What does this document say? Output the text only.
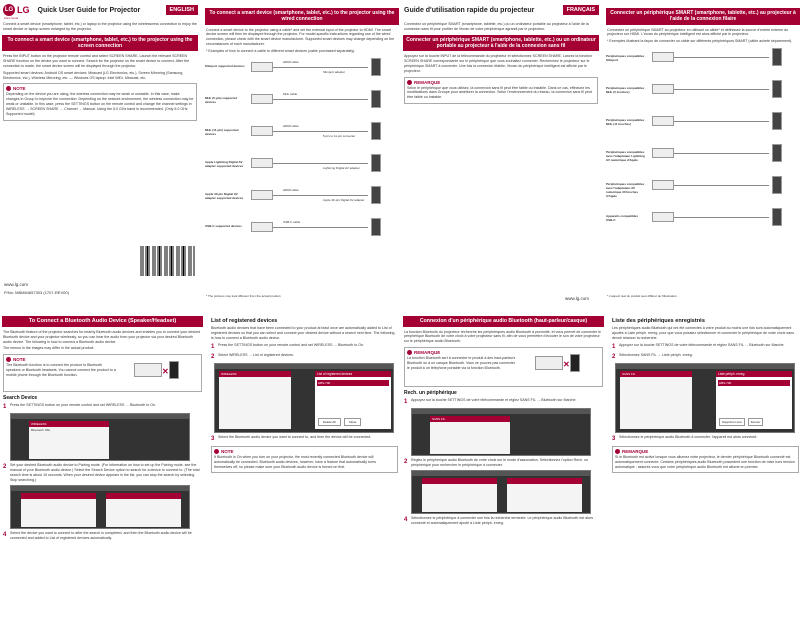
LG LG Quick User Guide for Projector	ENGLISH
Life's Good
Connect a smart device (smartphone, tablet, etc.) or laptop to the projector using the wirelessness connection to enjoy the smart device or laptop screen enlarged by the projector.
To connect a smart device (smartphone, tablet, etc.) to the projector using the screen connection
Press the INPUT button on the projector remote control and select SCREEN SHARE. Launch the relevant SCREEN SHARE function on the device you want to connect. Search for the projector on the smart device to connect. After the connection is made, the smart device screen will be displayed through the projector.
Supported smart devices: Android OS smart devices: Miracast (LG Electronics, etc.), Screen Mirroring (Samsung Electronics, etc.), Wireless Mirroring, etc. — Windows OS laptop: Intel WiDi, Miracast, etc.
NOTE
Depending on the device you are using, the wireless connection may be weak or unstable. In this case, make changes in Group to improve the connection. Depending on the network environment, the wireless connection may be weak or unstable. In this case, press the SETTINGS button on the remote control and change the channel settings in WIRELESS → SCREEN SHARE → Channel → Manual. Using the 5.0 GHz band is recommended. (Only 5.0 GHz Supported model)
www.lg.com
P/No: MBM64657303 (1707-REV00)
To connect a smart device (smartphone, tablet, etc.) to the projector using the wired connection
Connect a smart device to the projector using a cable* and set the external input of the projector to HDMI. The smart device screen will then be displayed through the projector. For model-specific instructions regarding use of the wired connection, please check with the smart device manufacturer. Supported smart devices may change depending on the circumstances of each manufacturer.
* Examples of how to connect a cable to different smart devices (cable purchased separately).
Slimport supported devices
MHL (5-pin) supported devices
MHL (11-pin) supported devices
Apple Lightning Digital AV adapter supported devices
Apple 30-pin Digital AV adapter supported devices
USB-C supported devices
HDMI cable
Slimport adapter
MHL cable
5-pin to 11-pin converter
HDMI cable
Lightning Digital AV adapter
HDMI cable
Apple 30-pin Digital AV adapter
USB-C cable
* The pictures may look different from the actual product.
Guide d'utilisation rapide du projecteur	FRANÇAIS
Connectez un périphérique SMART (smartphone, tablette, etc.) ou un ordinateur portable au projecteur à l'aide de la connexion sans fil pour profiter de l'écran de votre périphérique agrandi par le projecteur.
Connecter un périphérique SMART (smartphone, tablette, etc.) ou un ordinateur portable au projecteur à l'aide de la connexion sans fil
Appuyez sur la touche INPUT de la télécommande du projecteur et sélectionnez SCREEN SHARE. Lancez la fonction SCREEN SHARE correspondante sur le périphérique que vous souhaitez connecter. Recherchez le projecteur sur le périphérique SMART à connecter. Une fois la connexion établie, l'écran du périphérique intelligent est affiché par le projecteur.
REMARQUE
Selon le périphérique que vous utilisez, la connexion sans fil peut être faible ou instable. Dans ce cas, effectuez les modifications dans Groupe pour améliorer la connexion. Selon l'environnement du réseau, la connexion sans fil peut être faible ou instable.
www.lg.com
Connecter un périphérique SMART (smartphone, tablette, etc.) au projecteur à l'aide de la connexion filaire
Connectez un périphérique SMART au projecteur en utilisant un câble* et définissez la source d'entrée externe du projecteur sur HDMI. L'écran du périphérique intelligent est alors affiché par le projecteur.
* Exemples illustrant la façon de connecter un câble sur différents périphériques SMART (câble acheté séparément).
Périphériques compatibles Slimport
Périphériques compatibles MHL (5 broches)
Périphériques compatibles MHL (11 broches)
Périphériques compatibles avec l'adaptateur Lightning AV numérique d'Apple
Périphériques compatibles avec l'adaptateur AV numérique 30 broches d'Apple
Appareils compatibles USB-C
* L'aspect réel du produit peut différer de l'illustration.
To Connect a Bluetooth Audio Device (Speaker/Headset)
The Bluetooth feature of the projector searches for nearby Bluetooth audio devices and enables you to connect your desired Bluetooth device and your projector wirelessly, so you can hear the audio from your projector via your desired Bluetooth audio device. The following is how to connect a Bluetooth audio device.
The menus in the images may differ in the actual product.
NOTE
The Bluetooth function is to connect the product to Bluetooth speakers or Bluetooth headsets. You cannot connect the product to a mobile phone through the Bluetooth function.	✕
Search Device
1	Press the SETTINGS button on your remote control and set WIRELESS → Bluetooth to On.
WIRELESS
Bluetooth On
2	Set your desired Bluetooth audio device to Pairing mode. (For information on how to set up the Pairing mode, see the manual of your Bluetooth audio device.) Select the Search Device option to search for a device to connect to. (The total search time is about 10 seconds. When your desired device appears in the list, you can stop the search by selecting Stop searching.)
4	Select the device you want to connect to after the search is completed, and then the Bluetooth audio device will be connected and added to List of registered devices automatically.
List of registered devices
Bluetooth audio devices that have been connected to your product at least once are automatically added to List of registered devices so that you can select and connect your desired device without a search next time. The following is how to connect a Bluetooth audio device.
1	Press the SETTINGS button on your remote control and set WIRELESS → Bluetooth to On.
2	Select WIRELESS → List of registered devices.
WIRELESS	List of registered devices
HBS-700
Delete All	Close
3	Select the Bluetooth audio device you want to connect to, and then the device will be connected.
NOTE
If Bluetooth is On when you turn on your projector, the most recently connected Bluetooth device will automatically be connected. Bluetooth audio devices, however, have a feature that automatically turns themselves off, so please make sure your Bluetooth audio device is turned on first.
Connexion d'un périphérique audio Bluetooth (haut-parleur/casque)
La fonction Bluetooth du projecteur recherche les périphériques audio Bluetooth à proximité, et vous permet de connecter le périphérique Bluetooth de votre choix à votre projecteur sans fil, afin de vous permettre d'écouter le son de votre projecteur sur le périphérique audio Bluetooth.
REMARQUE
La fonction Bluetooth sert à connecter le produit à des haut-parleurs Bluetooth ou à un casque Bluetooth. Vous ne pouvez pas connecter le produit à un téléphone portable via la fonction Bluetooth.	✕
Rech. un périphérique
1	Appuyez sur la touche SETTINGS de votre télécommande et réglez SANS FIL → Bluetooth sur Marche.
SANS FIL
2	Réglez le périphérique audio Bluetooth de votre choix sur le mode d'association. Sélectionnez l'option Rech. un périphérique pour rechercher le périphérique à connecter.
4	Sélectionnez le périphérique à connecter une fois la recherche terminée. Le périphérique audio Bluetooth est alors connecté et automatiquement ajouté à Liste périph. enreg.
Liste des périphériques enregistrés
Les périphériques audio Bluetooth qui ont été connectés à votre produit au moins une fois sont automatiquement ajoutés à Liste périph. enreg. pour que vous puissiez sélectionner et connecter le périphérique de votre choix sans devoir relancer la recherche.
1	Appuyez sur la touche SETTINGS de votre télécommande et réglez SANS FIL → Bluetooth sur Marche.
2	Sélectionnez SANS FIL → Liste périph. enreg.
SANS FIL	Liste périph. enreg.
HBS-700
Supprimer tout	Fermer
3	Sélectionnez le périphérique audio Bluetooth à connecter. l'appareil est alors connecté.
REMARQUE
Si le Bluetooth est activé lorsque vous allumez votre projecteur, le dernier périphérique Bluetooth connecté est automatiquement connecté. Certains périphériques audio Bluetooth possèdent une fonction de mise hors tension automatique ; assurez-vous que votre périphérique audio Bluetooth est allumé en premier.
